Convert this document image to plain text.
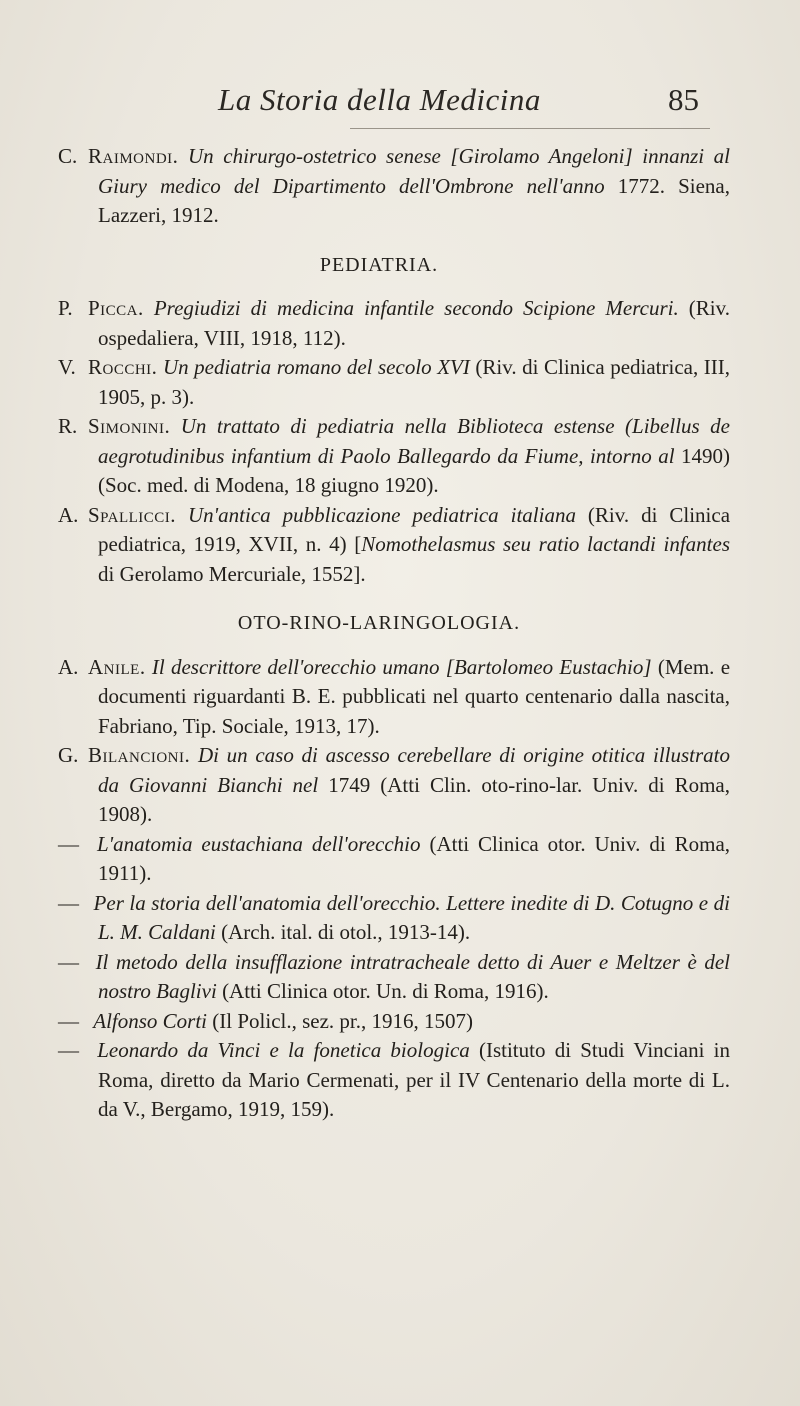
La Storia della Medicina	85

C. Raimondi. Un chirurgo-ostetrico senese [Girolamo Angeloni] innanzi al Giury medico del Dipartimento dell'Ombrone nell'anno 1772. Siena, Lazzeri, 1912.

PEDIATRIA.

P. Picca. Pregiudizi di medicina infantile secondo Scipione Mercuri. (Riv. ospedaliera, VIII, 1918, 112).

V. Rocchi. Un pediatria romano del secolo XVI (Riv. di Clinica pediatrica, III, 1905, p. 3).

R. Simonini. Un trattato di pediatria nella Biblioteca estense (Libellus de aegrotudinibus infantium di Paolo Ballegardo da Fiume, intorno al 1490) (Soc. med. di Modena, 18 giugno 1920).

A. Spallicci. Un'antica pubblicazione pediatrica italiana (Riv. di Clinica pediatrica, 1919, XVII, n. 4) [Nomothelasmus seu ratio lactandi infantes di Gerolamo Mercuriale, 1552].

OTO-RINO-LARINGOLOGIA.

A. Anile. Il descrittore dell'orecchio umano [Bartolomeo Eustachio] (Mem. e documenti riguardanti B. E. pubblicati nel quarto centenario dalla nascita, Fabriano, Tip. Sociale, 1913, 17).

G. Bilancioni. Di un caso di ascesso cerebellare di origine otitica illustrato da Giovanni Bianchi nel 1749 (Atti Clin. oto-rino-lar. Univ. di Roma, 1908).

— L'anatomia eustachiana dell'orecchio (Atti Clinica otor. Univ. di Roma, 1911).

— Per la storia dell'anatomia dell'orecchio. Lettere inedite di D. Cotugno e di L. M. Caldani (Arch. ital. di otol., 1913-14).

— Il metodo della insufflazione intratracheale detto di Auer e Meltzer è del nostro Baglivi (Atti Clinica otor. Un. di Roma, 1916).

— Alfonso Corti (Il Policl., sez. pr., 1916, 1507)

— Leonardo da Vinci e la fonetica biologica (Istituto di Studi Vinciani in Roma, diretto da Mario Cermenati, per il IV Centenario della morte di L. da V., Bergamo, 1919, 159).
